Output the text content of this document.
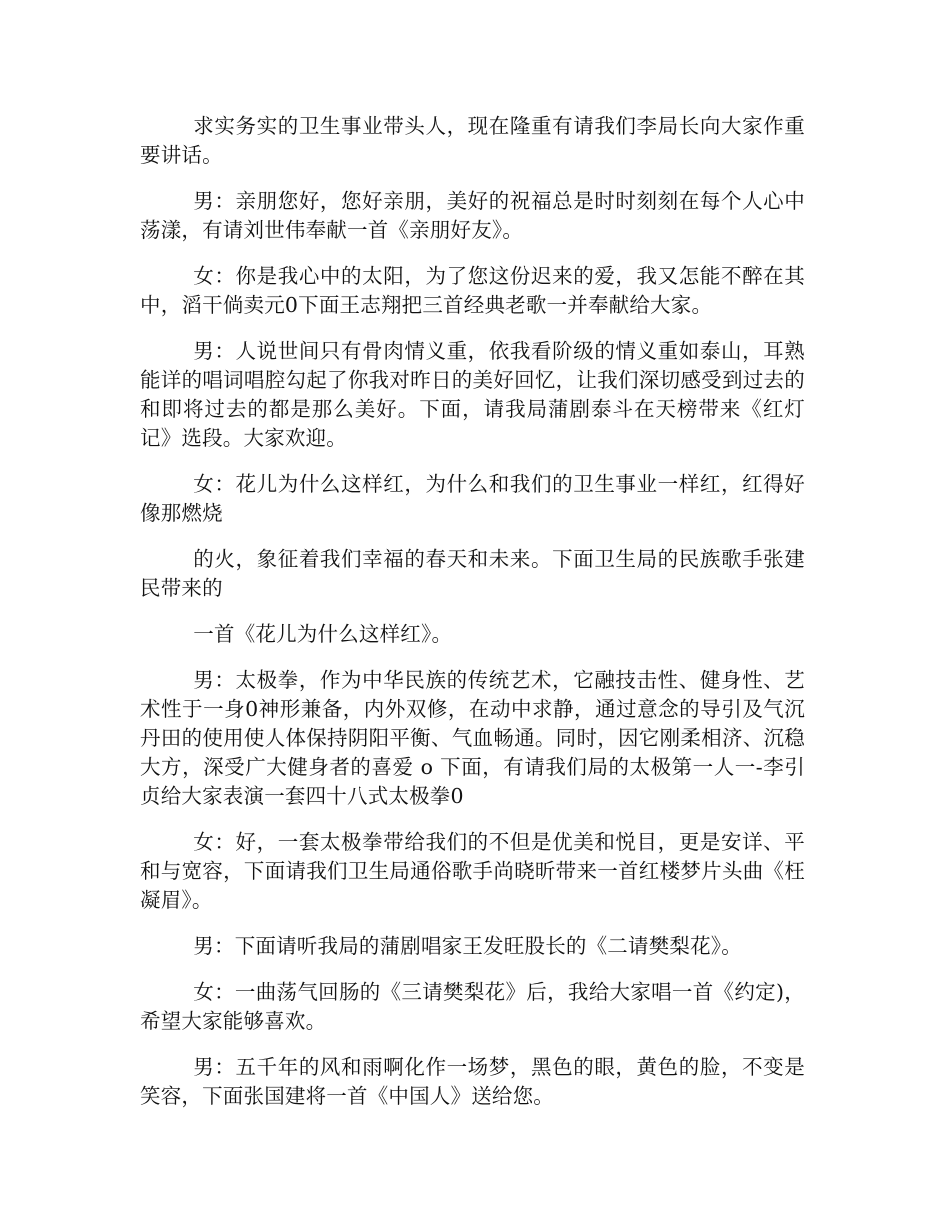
求实务实的卫生事业带头人，现在隆重有请我们李局长向大家作重要讲话。

男：亲朋您好，您好亲朋，美好的祝福总是时时刻刻在每个人心中荡漾，有请刘世伟奉献一首《亲朋好友》。

女：你是我心中的太阳，为了您这份迟来的爱，我又怎能不醉在其中，滔干倘卖元0下面王志翔把三首经典老歌一并奉献给大家。

男：人说世间只有骨肉情义重，依我看阶级的情义重如泰山，耳熟能详的唱词唱腔勾起了你我对昨日的美好回忆，让我们深切感受到过去的和即将过去的都是那么美好。下面，请我局蒲剧泰斗在天榜带来《红灯记》选段。大家欢迎。

女：花儿为什么这样红，为什么和我们的卫生事业一样红，红得好像那燃烧

的火，象征着我们幸福的春天和未来。下面卫生局的民族歌手张建民带来的

一首《花儿为什么这样红》。

男：太极拳，作为中华民族的传统艺术，它融技击性、健身性、艺术性于一身0神形兼备，内外双修，在动中求静，通过意念的导引及气沉丹田的使用使人体保持阴阳平衡、气血畅通。同时，因它刚柔相济、沉稳大方，深受广大健身者的喜爱 o 下面，有请我们局的太极第一人一-李引贞给大家表演一套四十八式太极拳0

女：好，一套太极拳带给我们的不但是优美和悦目，更是安详、平和与宽容，下面请我们卫生局通俗歌手尚晓昕带来一首红楼梦片头曲《枉凝眉》。

男：下面请听我局的蒲剧唱家王发旺股长的《二请樊梨花》。

女：一曲荡气回肠的《三请樊梨花》后，我给大家唱一首《约定)，希望大家能够喜欢。

男：五千年的风和雨啊化作一场梦，黑色的眼，黄色的脸，不变是笑容，下面张国建将一首《中国人》送给您。
